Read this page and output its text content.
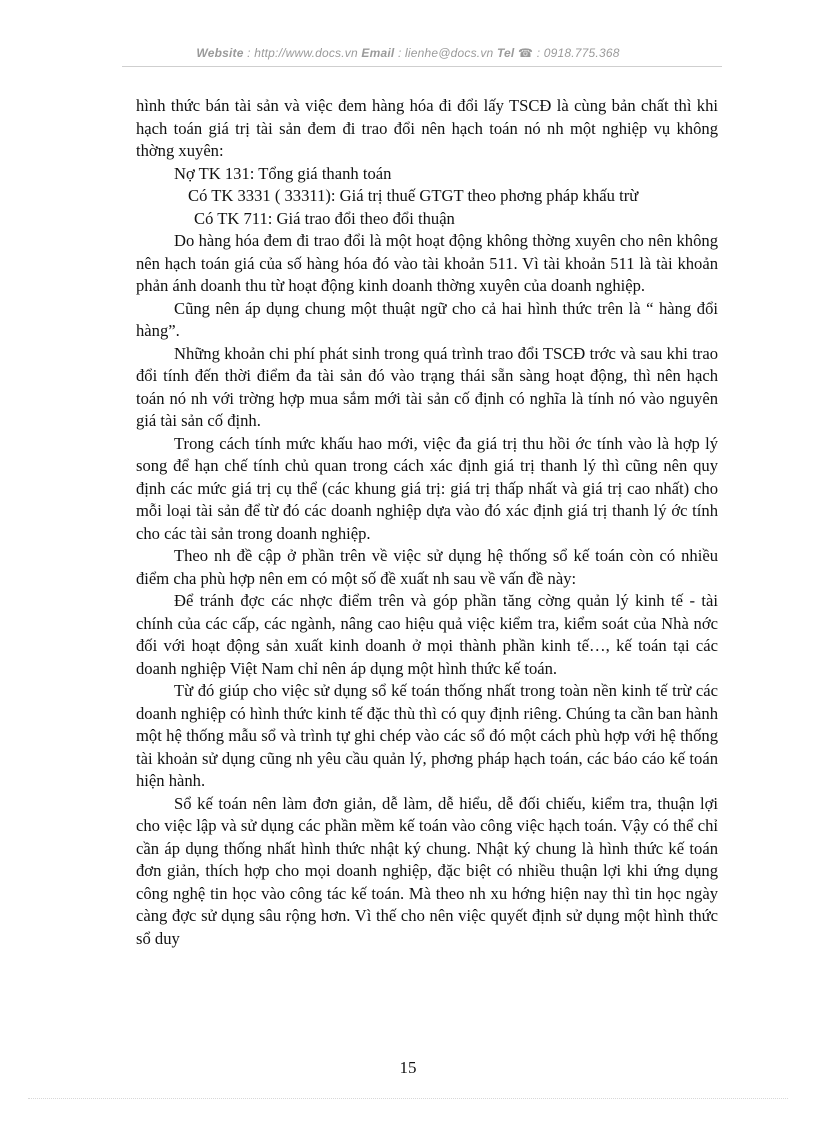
Website : http://www.docs.vn Email : lienhe@docs.vn Tel ☎ : 0918.775.368

hình thức bán tài sản và việc đem hàng hóa đi đổi lấy TSCĐ là cùng bản chất thì khi hạch toán giá trị tài sản đem đi trao đổi nên hạch toán nó nh một nghiệp vụ không thờng xuyên:

Nợ TK 131: Tổng giá thanh toán

Có TK 3331 ( 33311): Giá trị thuế GTGT theo phơng pháp khấu trừ

Có TK 711: Giá trao đổi theo đổi thuận

Do hàng hóa đem đi trao đổi là một hoạt động không thờng xuyên cho nên không nên hạch toán giá của số hàng hóa đó vào tài khoản 511. Vì tài khoản 511 là tài khoản phản ánh doanh thu từ hoạt động kinh doanh thờng xuyên của doanh nghiệp.

Cũng nên áp dụng chung một thuật ngữ cho cả hai hình thức trên là “ hàng đổi hàng”.

Những khoản chi phí phát sinh trong quá trình trao đổi TSCĐ trớc và sau khi trao đổi tính đến thời điểm đa tài sản đó vào trạng thái sẵn sàng hoạt động, thì nên hạch toán nó nh với trờng hợp mua sắm mới tài sản cố định có nghĩa là tính nó vào nguyên giá tài sản cố định.

Trong cách tính mức khấu hao mới, việc đa giá trị thu hồi ớc tính vào là hợp lý song để hạn chế tính chủ quan trong cách xác định giá trị thanh lý thì cũng nên quy định các mức giá trị cụ thể (các khung giá trị: giá trị thấp nhất và giá trị cao nhất) cho mỗi loại tài sản để từ đó các doanh nghiệp dựa vào đó xác định giá trị thanh lý ớc tính cho các tài sản trong doanh nghiệp.

Theo nh đề cập ở phần trên về việc sử dụng hệ thống sổ kế toán còn có nhiều điểm cha phù hợp nên em có một số đề xuất nh sau về vấn đề này:

Để tránh đợc các nhợc điểm trên và góp phần tăng cờng quản lý kinh tế - tài chính của các cấp, các ngành, nâng cao hiệu quả việc kiểm tra, kiểm soát của Nhà nớc đối với hoạt động sản xuất kinh doanh ở mọi thành phần kinh tế…, kế toán tại các doanh nghiệp Việt Nam chỉ nên áp dụng một hình thức kế toán.

Từ đó giúp cho việc sử dụng sổ kế toán thống nhất trong toàn nền kinh tế trừ các doanh nghiệp có hình thức kinh tế đặc thù thì có quy định riêng. Chúng ta cần ban hành một hệ thống mẫu sổ và trình tự ghi chép vào các sổ đó một cách phù hợp với hệ thống tài khoản sử dụng cũng nh yêu cầu quản lý, phơng pháp hạch toán, các báo cáo kế toán hiện hành.

Sổ kế toán nên làm đơn giản, dễ làm, dễ hiểu, dễ đối chiếu, kiểm tra, thuận lợi cho việc lập và sử dụng các phần mềm kế toán vào công việc hạch toán. Vậy có thể chỉ cần áp dụng thống nhất hình thức nhật ký chung. Nhật ký chung là hình thức kế toán đơn giản, thích hợp cho mọi doanh nghiệp, đặc biệt có nhiều thuận lợi khi ứng dụng công nghệ tin học vào công tác kế toán. Mà theo nh xu hớng hiện nay thì tin học ngày càng đợc sử dụng sâu rộng hơn. Vì thế cho nên việc quyết định sử dụng một hình thức sổ duy

15
